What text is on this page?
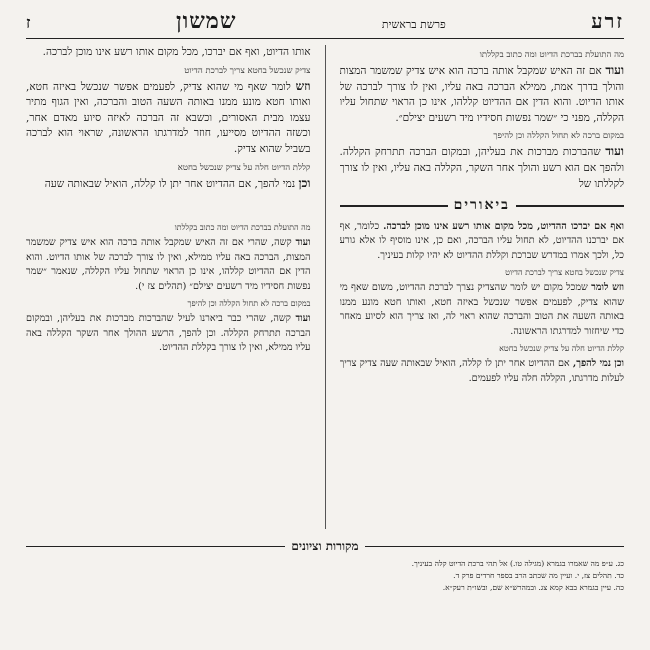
זרע
פרשת בראשית
שמשון
ז
מה התועלת בברכת הדיוט ומה כתוב בקללתו

ועוד אם זה האיש שמקבל אותה ברכה הוא איש צדיק שמשמר המצות והולך בדרך אמת, ממילא הברכה באה עליו, ואין לו צורך לברכה של אותו הדיוט. והוא הדין אם ההדיוט קללהו, אינו כן הראוי שתחול עליו הקללה, מפני כי ״שמר נפשות חסידיו מיד רשעים יצילם״.

במקום ברכה לא תחול הקללה וכן להיפך

ועוד שהברכות מברכות את בעליהן, ובמקום הברכה תתרחק הקללה. ולהפך אם הוא רשע והולך אחר השקר, הקללה באה עליו, ואין לו צורך לקללתו של

ביאורים

ואף אם יברכו ההדיוט, מכל מקום אותו רשע אינו מוכן לברכה. כלומר, אף אם יברכנו ההדיוט, לא תחול עליו הברכה, ואם כן, אינו מוסיף לו אלא גורע כל, ולכך אמרו במדרש שברכת וקללת ההדיוט לא יהיו קלות בעיניך.

צדיק שנכשל בחטא צריך לברכת הדיוט

וזש לומר שמכל מקום יש לומר שהצדיק נצרך לברכת ההדיוט, משום שאף מי שהוא צדיק, לפעמים אפשר שנכשל באיזה חטא, ואותו חטא מונע ממנו באותה השעה את הטוב והברכה שהוא ראוי לה, ואז צריך הוא לסיוע מאחר כדי שיחזור למדרגתו הראשונה.

קללת הדיוט חלה על צדיק שנכשל בחטא

וכן נמי להפך, אם ההדיוט אחר יתן לו קללה, הואיל שבאותה שעה צדיק צריך לעלות מדרגתו, הקללה חלה עליו לפעמים.

אותו הדיוט, ואף אם יברכו, מכל מקום אותו רשע אינו מוכן לברכה.

צדיק שנכשל בחטא צריך לברכת הדיוט

וזש לומר שאף מי שהוא צדיק, לפעמים אפשר שנכשל באיזה חטא, ואותו חטא מונע ממנו באותה השעה הטוב והברכה, ואין הגוף מתיר עצמו מבית האסורים, וכשבא זה הברכה לאיזה סיוע מאדם אחר, וכשזה ההדיוט מסייעו, חוזר למדרגתו הראשונה, שראוי הוא לברכה בשביל שהוא צדיק.

קללת הדיוט חלה על צדיק שנכשל בחטא

וכן נמי להפך, אם ההדיוט אחר יתן לו קללה, הואיל שבאותה שעה

מה התועלת בברכת הדיוט ומה כתוב בקללתו

ועוד קשה, שהרי אם זה האיש שמקבל אותה ברכה הוא איש צדיק שמשמר המצות, הברכה באה עליו ממילא, ואין לו צורך לברכה של אותו הדיוט. והוא הדין אם ההדיוט קללהו, אינו כן הראוי שתחול עליו הקללה, שנאמר ״שמר נפשות חסידיו מיד רשעים יצילם״ (תהלים צז י).

במקום ברכה לא תחול הקללה וכן להיפך

ועוד קשה, שהרי כבר ביארנו לעיל שהברכות מברכות את בעליהן, ובמקום הברכה תתרחק הקללה. וכן להפך, הרשע ההולך אחר השקר הקללה באה עליו ממילא, ואין לו צורך בקללת ההדיוט.

מקורות וציונים
כג. ע״פ מה שאמרו בגמרא (מגילה טו.) אל תהי ברכת הדיוט קלה בעיניך.
כד. תהלים צז, י. ועיין מה שכתב הרב בספר חרדים פרק ד.
כה. עיין בגמרא בבא קמא צג. ובמהרש״א שם, ובשו״ת רעק״א.
